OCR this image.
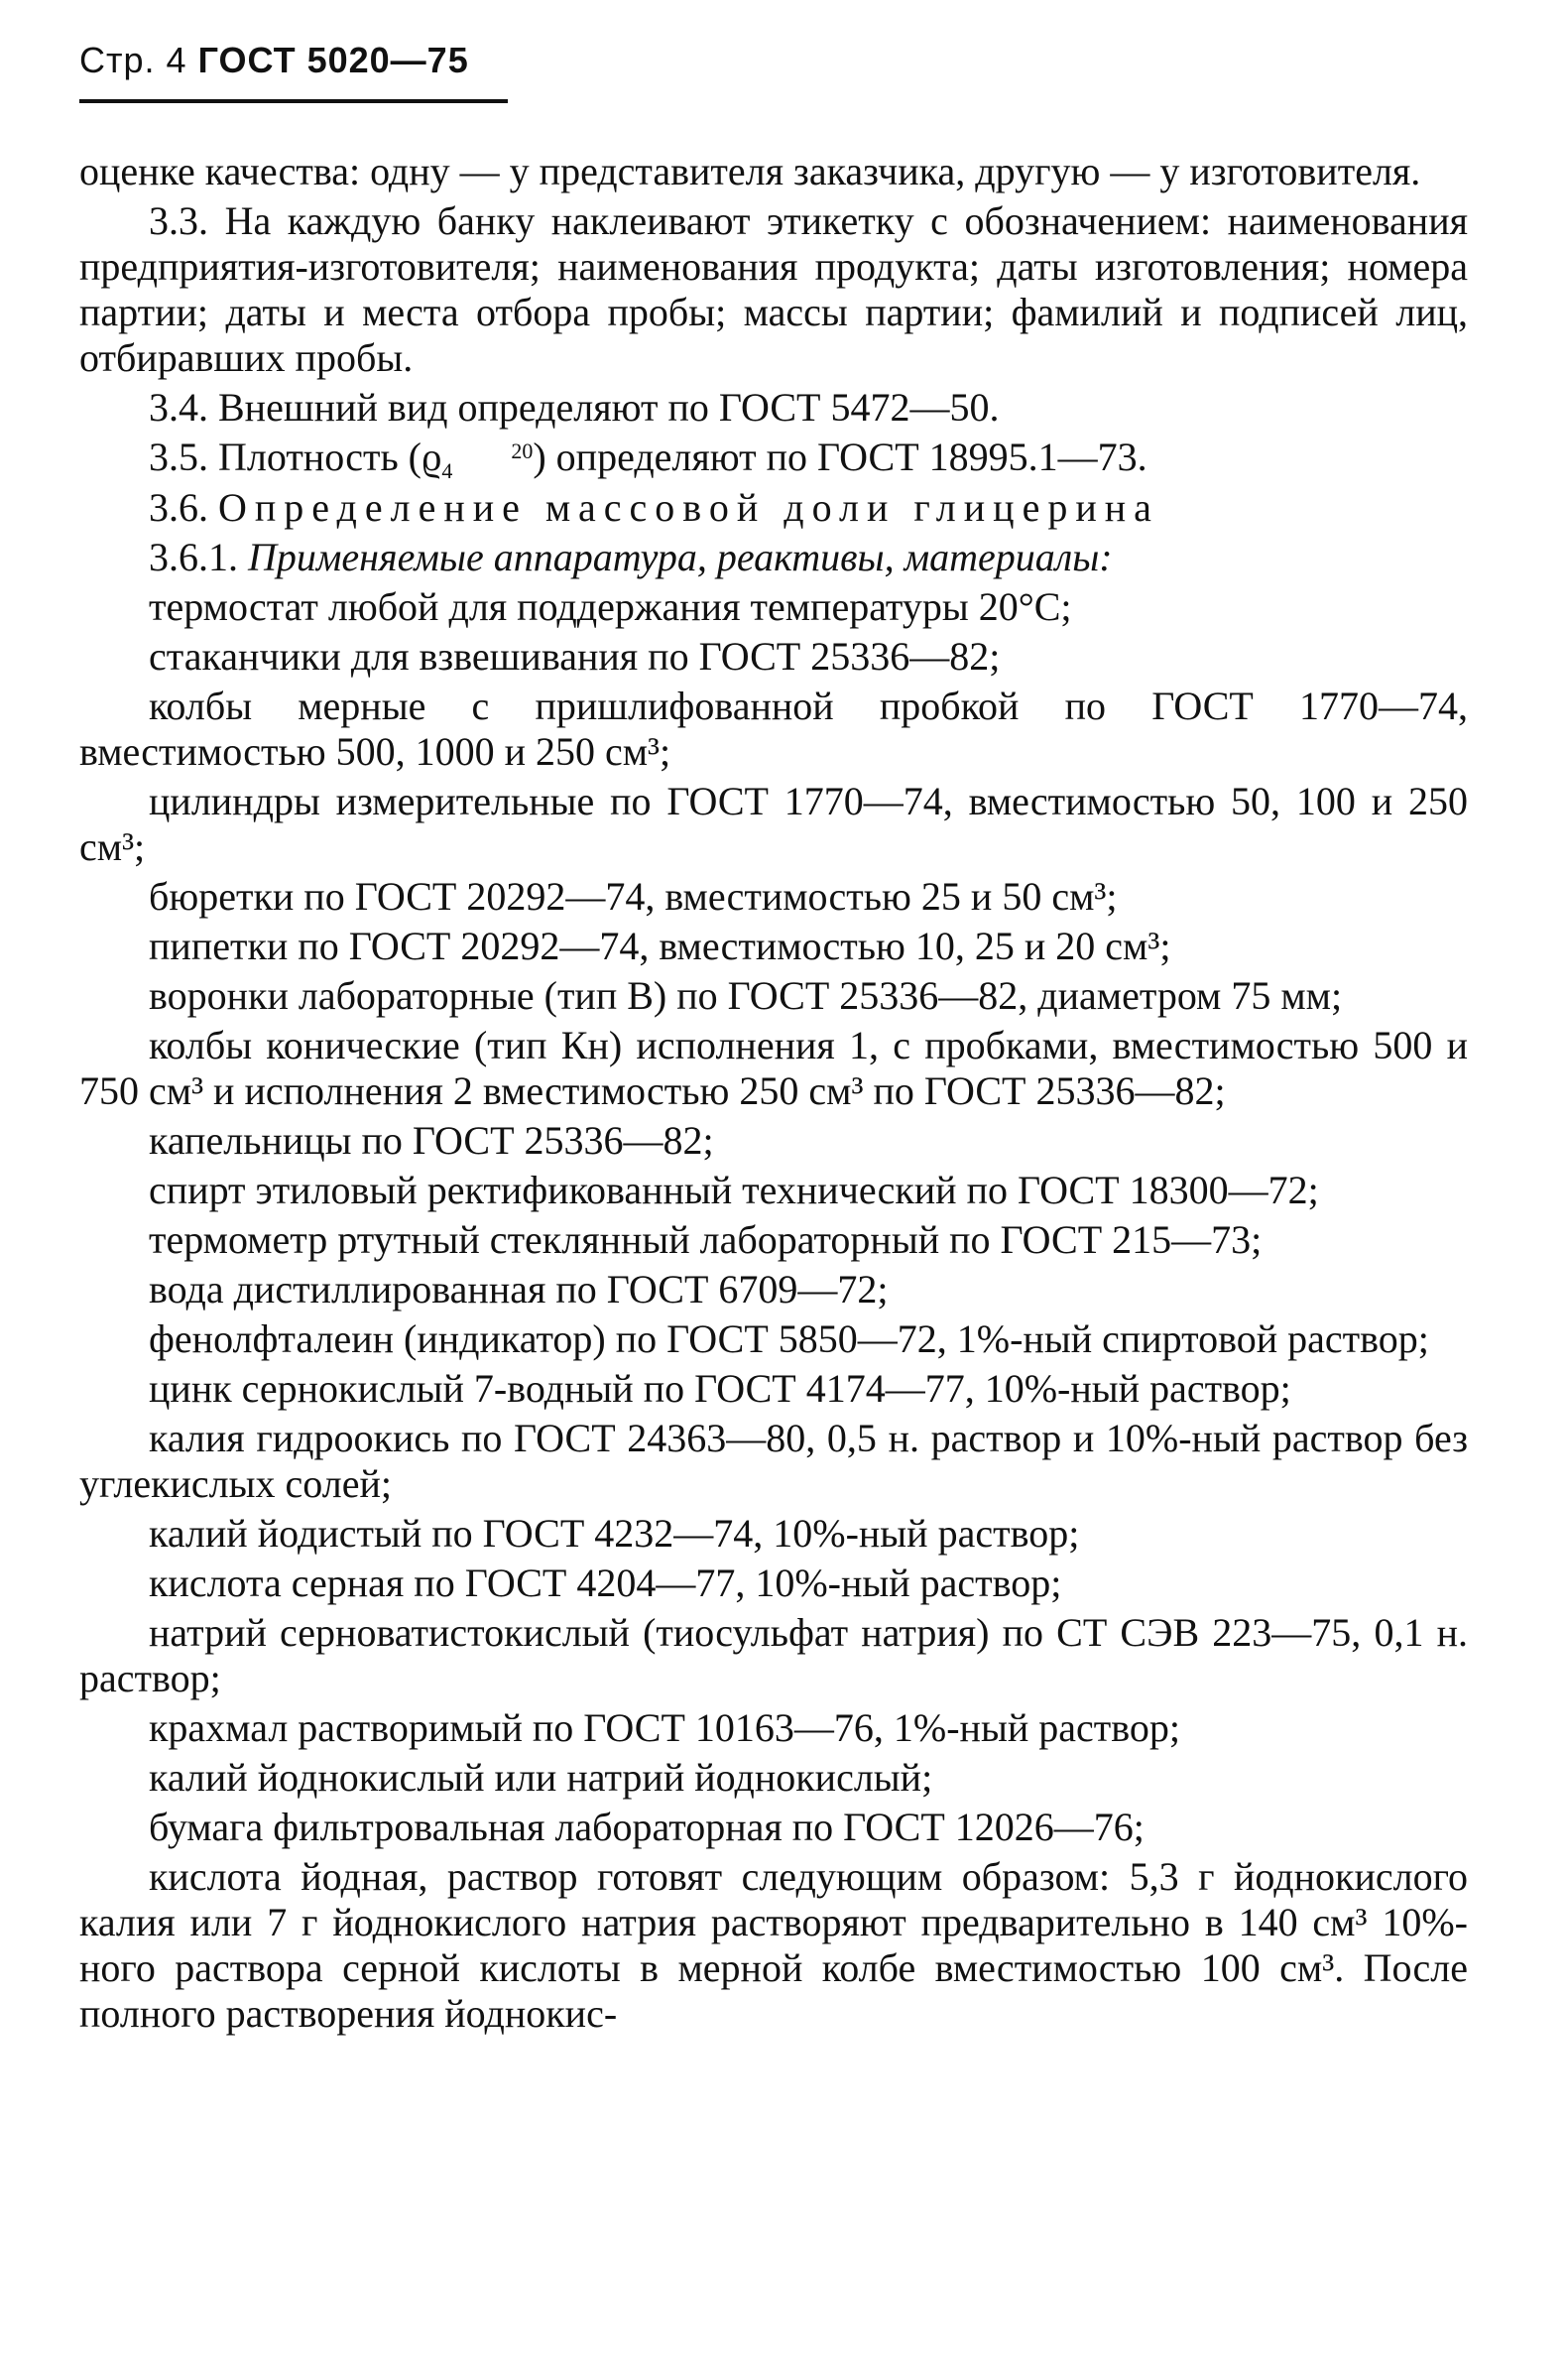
Стр. 4 ГОСТ 5020—75

оценке качества: одну — у представителя заказчика, другую — у изготовителя.

3.3. На каждую банку наклеивают этикетку с обозначением: наименования предприятия-изготовителя; наименования продукта; даты изготовления; номера партии; даты и места отбора пробы; массы партии; фамилий и подписей лиц, отбиравших пробы.

3.4. Внешний вид определяют по ГОСТ 5472—50.

3.5. Плотность (ϱ	20
4 ) определяют по ГОСТ 18995.1—73.

3.6. Определение массовой доли глицерина

3.6.1. Применяемые аппаратура, реактивы, материалы:

термостат любой для поддержания температуры 20°С;

стаканчики для взвешивания по ГОСТ 25336—82;

колбы мерные с пришлифованной пробкой по ГОСТ 1770—74, вместимостью 500, 1000 и 250 см³;

цилиндры измерительные по ГОСТ 1770—74, вместимостью 50, 100 и 250 см³;

бюретки по ГОСТ 20292—74, вместимостью 25 и 50 см³;

пипетки по ГОСТ 20292—74, вместимостью 10, 25 и 20 см³;

воронки лабораторные (тип В) по ГОСТ 25336—82, диаметром 75 мм;

колбы конические (тип Кн) исполнения 1, с пробками, вместимостью 500 и 750 см³ и исполнения 2 вместимостью 250 см³ по ГОСТ 25336—82;

капельницы по ГОСТ 25336—82;

спирт этиловый ректификованный технический по ГОСТ 18300—72;

термометр ртутный стеклянный лабораторный по ГОСТ 215—73;

вода дистиллированная по ГОСТ 6709—72;

фенолфталеин (индикатор) по ГОСТ 5850—72, 1%-ный спиртовой раствор;

цинк сернокислый 7-водный по ГОСТ 4174—77, 10%-ный раствор;

калия гидроокись по ГОСТ 24363—80, 0,5 н. раствор и 10%-ный раствор без углекислых солей;

калий йодистый по ГОСТ 4232—74, 10%-ный раствор;

кислота серная по ГОСТ 4204—77, 10%-ный раствор;

натрий серноватистокислый (тиосульфат натрия) по СТ СЭВ 223—75, 0,1 н. раствор;

крахмал растворимый по ГОСТ 10163—76, 1%-ный раствор;

калий йоднокислый или натрий йоднокислый;

бумага фильтровальная лабораторная по ГОСТ 12026—76;

кислота йодная, раствор готовят следующим образом: 5,3 г йоднокислого калия или 7 г йоднокислого натрия растворяют предварительно в 140 см³ 10%-ного раствора серной кислоты в мерной колбе вместимостью 100 см³. После полного растворения йоднокис-
